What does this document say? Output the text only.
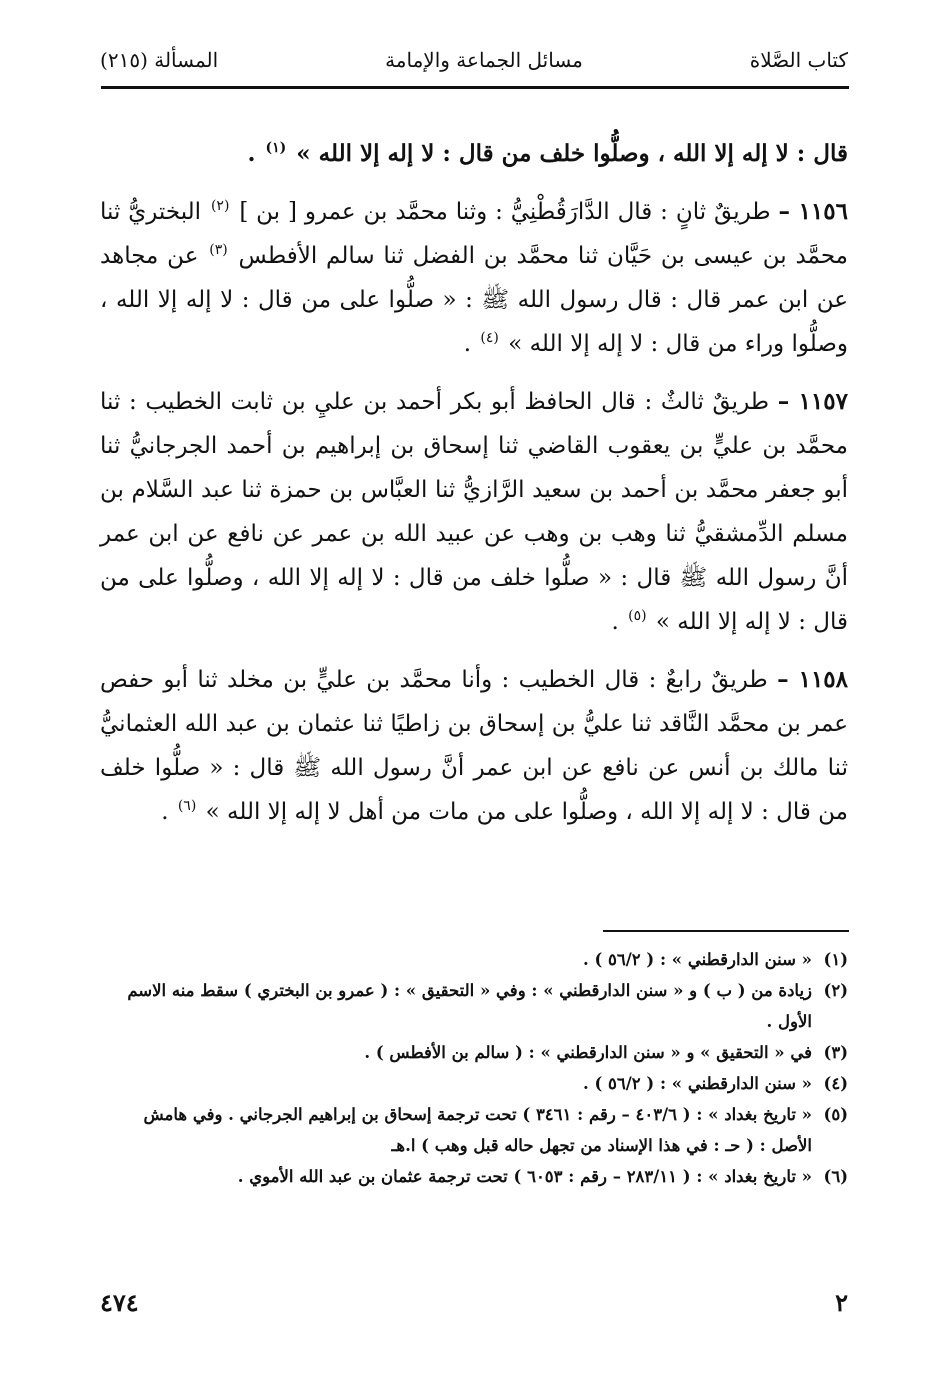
كتاب الصَّلاة
مسائل الجماعة والإمامة
المسألة (٢١٥)

قال : لا إله إلا الله ، وصلُّوا خلف من قال : لا إله إلا الله » $^{(١)}$ .

١١٥٦ – طريقٌ ثانٍ : قال الدَّارَقُطْنِيُّ : وثنا محمَّد بن عمرو [ بن ] $^{(٢)}$ البختريُّ ثنا محمَّد بن عيسى بن حَيَّان ثنا محمَّد بن الفضل ثنا سالم الأفطس $^{(٣)}$ عن مجاهد عن ابن عمر قال : قال رسول الله ﷺ : « صلُّوا على من قال : لا إله إلا الله ، وصلُّوا وراء من قال : لا إله إلا الله » $^{(٤)}$ .

١١٥٧ – طريقٌ ثالثٌ : قال الحافظ أبو بكر أحمد بن عليِ بن ثابت الخطيب : ثنا محمَّد بن عليٍّ بن يعقوب القاضي ثنا إسحاق بن إبراهيم بن أحمد الجرجانيُّ ثنا أبو جعفر محمَّد بن أحمد بن سعيد الرَّازيُّ ثنا العبَّاس بن حمزة ثنا عبد السَّلام بن مسلم الدِّمشقيُّ ثنا وهب بن وهب عن عبيد الله بن عمر عن نافع عن ابن عمر أنَّ رسول الله ﷺ قال : « صلُّوا خلف من قال : لا إله إلا الله ، وصلُّوا على من قال : لا إله إلا الله » $^{(٥)}$ .

١١٥٨ – طريقٌ رابعٌ : قال الخطيب : وأنا محمَّد بن عليٍّ بن مخلد ثنا أبو حفص عمر بن محمَّد النَّاقد ثنا عليُّ بن إسحاق بن زاطيًا ثنا عثمان بن عبد الله العثمانيُّ ثنا مالك بن أنس عن نافع عن ابن عمر أنَّ رسول الله ﷺ قال : « صلُّوا خلف من قال : لا إله إلا الله ، وصلُّوا على من مات من أهل لا إله إلا الله » $^{(٦)}$ .

(١)
« سنن الدارقطني » : ( ٥٦/٢ ) .
(٢)
زيادة من ( ب ) و « سنن الدارقطني » : وفي « التحقيق » : ( عمرو بن البختري ) سقط منه الاسم الأول .
(٣)
في « التحقيق » و « سنن الدارقطني » : ( سالم بن الأفطس ) .
(٤)
« سنن الدارقطني » : ( ٥٦/٢ ) .
(٥)
« تاريخ بغداد » : ( ٤٠٣/٦ – رقم : ٣٤٦١ ) تحت ترجمة إسحاق بن إبراهيم الجرجاني . وفي هامش الأصل : ( حـ : في هذا الإسناد من تجهل حاله قبل وهب ) ا.هـ
(٦)
« تاريخ بغداد » : ( ٢٨٣/١١ – رقم : ٦٠٥٣ ) تحت ترجمة عثمان بن عبد الله الأموي .
٢
٤٧٤
